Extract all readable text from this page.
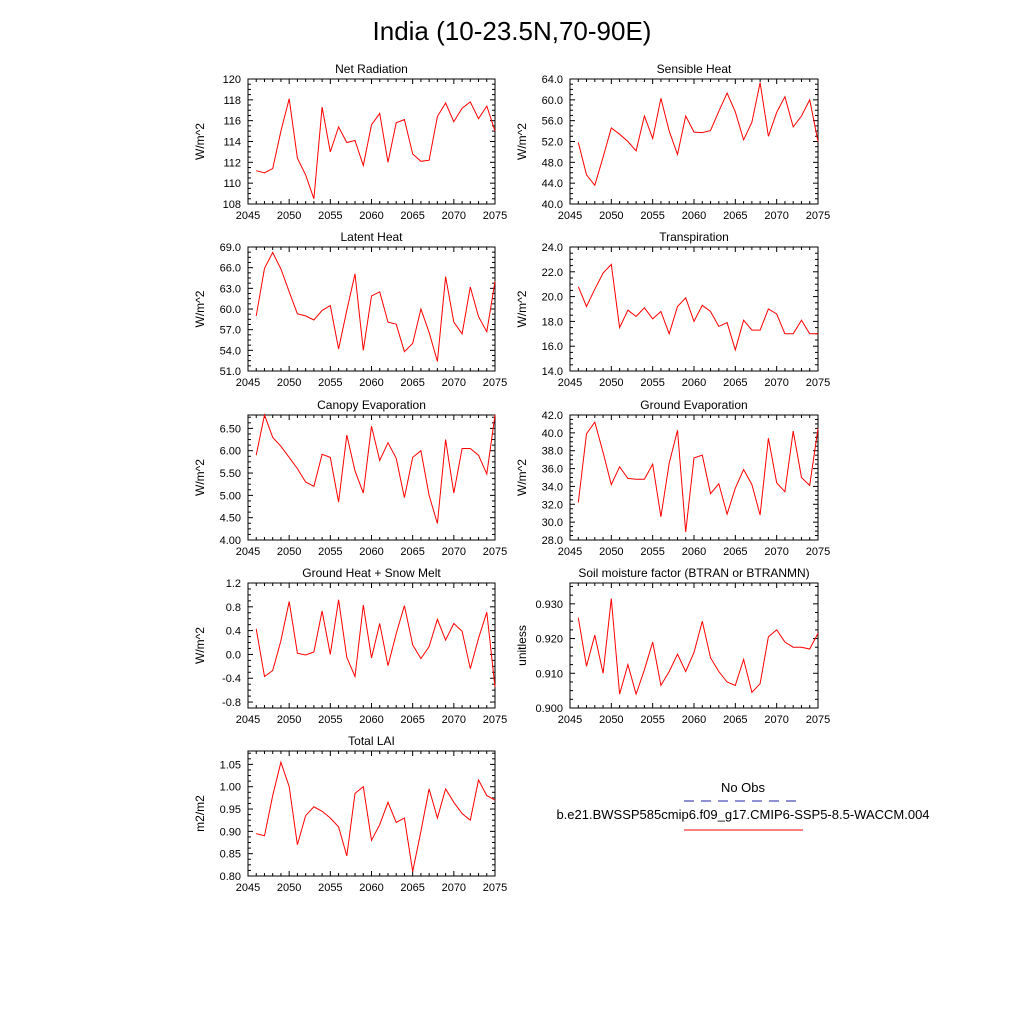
India (10-23.5N,70-90E)
Net Radiation
W/m^2
2045 2050 2055 2060 2065 2070 2075
108
110
112
114
116
118
120
Sensible Heat
W/m^2
2045 2050 2055 2060 2065 2070 2075
40.0
44.0
48.0
52.0
56.0
60.0
64.0
Latent Heat
W/m^2
2045 2050 2055 2060 2065 2070 2075
51.0
54.0
57.0
60.0
63.0
66.0
69.0
Transpiration
W/m^2
2045 2050 2055 2060 2065 2070 2075
14.0
16.0
18.0
20.0
22.0
24.0
Canopy Evaporation
W/m^2
2045 2050 2055 2060 2065 2070 2075
4.00
4.50
5.00
5.50
6.00
6.50
Ground Evaporation
W/m^2
2045 2050 2055 2060 2065 2070 2075
28.0
30.0
32.0
34.0
36.0
38.0
40.0
42.0
Ground Heat + Snow Melt
W/m^2
2045 2050 2055 2060 2065 2070 2075
-0.8
-0.4
0.0
0.4
0.8
1.2
Soil moisture factor (BTRAN or BTRANMN)
unitless
2045 2050 2055 2060 2065 2070 2075
0.900
0.910
0.920
0.930
Total LAI
m2/m2
2045 2050 2055 2060 2065 2070 2075
0.80
0.85
0.90
0.95
1.00
1.05
No Obs
b.e21.BWSSP585cmip6.f09_g17.CMIP6-SSP5-8.5-WACCM.004
